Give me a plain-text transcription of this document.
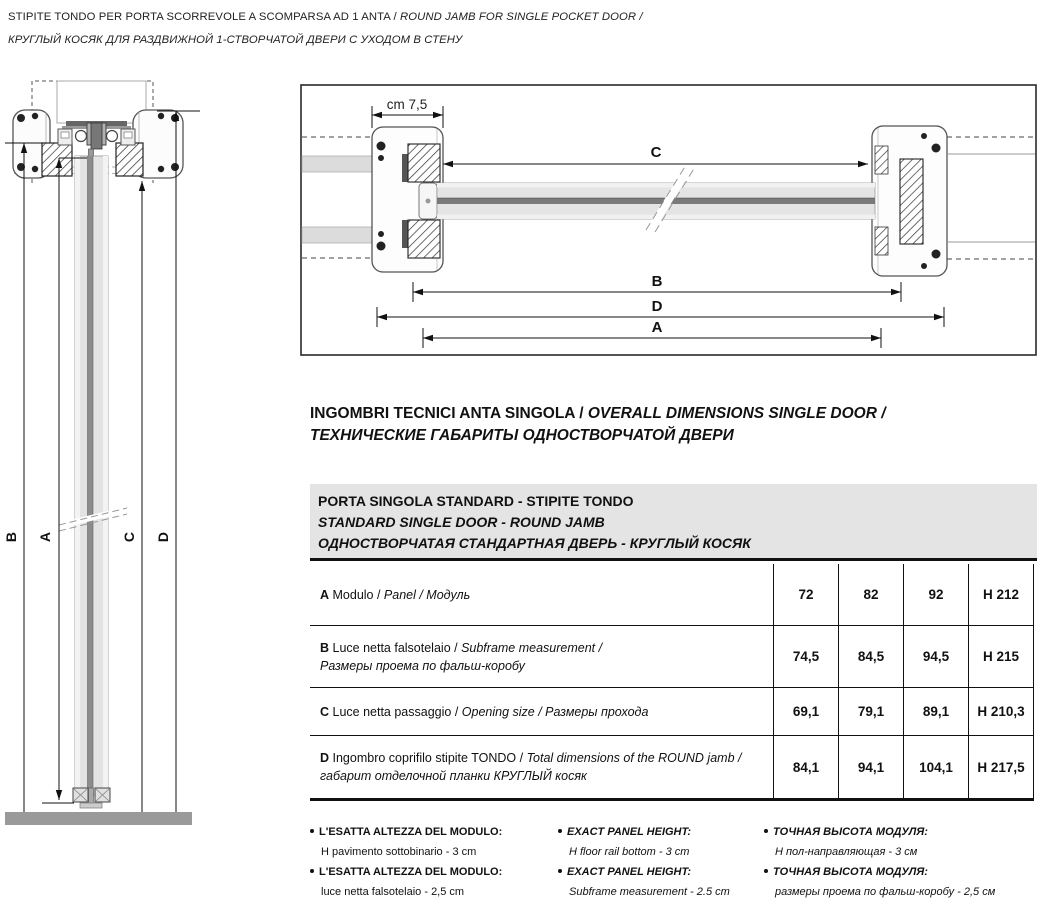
STIPITE TONDO PER PORTA SCORREVOLE A SCOMPARSA AD 1 ANTA / ROUND JAMB FOR SINGLE POCKET DOOR /
КРУГЛЫЙ КОСЯК ДЛЯ РАЗДВИЖНОЙ 1-СТВОРЧАТОЙ ДВЕРИ С УХОДОМ В СТЕНУ
B A	C D
cm 7,5
C
B
D
A
INGOMBRI TECNICI ANTA SINGOLA / OVERALL DIMENSIONS SINGLE DOOR /
ТЕХНИЧЕСКИЕ ГАБАРИТЫ ОДНОСТВОРЧАТОЙ ДВЕРИ
PORTA SINGOLA STANDARD - STIPITE TONDO
STANDARD SINGLE DOOR - ROUND JAMB
ОДНОСТВОРЧАТАЯ СТАНДАРТНАЯ ДВЕРЬ - КРУГЛЫЙ КОСЯК
A Modulo / Panel / Модуль	72	82	92	H 212
B Luce netta falsotelaio / Subframe measurement /
Размеры проема по фальш-коробу
74,5	84,5	94,5	H 215
C Luce netta passaggio / Opening size / Размеры прохода	69,1	79,1	89,1	H 210,3
D Ingombro coprifilo stipite TONDO / Total dimensions of the ROUND jamb /
габарит отделочной планки КРУГЛЫЙ косяк
84,1	94,1	104,1	H 217,5
L'ESATTA ALTEZZA DEL MODULO:
H pavimento sottobinario - 3 cm
L'ESATTA ALTEZZA DEL MODULO:
luce netta falsotelaio - 2,5 cm
EXACT PANEL HEIGHT:
H floor rail bottom - 3 cm
EXACT PANEL HEIGHT:
Subframe measurement - 2.5 cm
ТОЧНАЯ ВЫСОТА МОДУЛЯ:
Н пол-направляющая - 3 см
ТОЧНАЯ ВЫСОТА МОДУЛЯ:
размеры проема по фальш-коробу - 2,5 см
